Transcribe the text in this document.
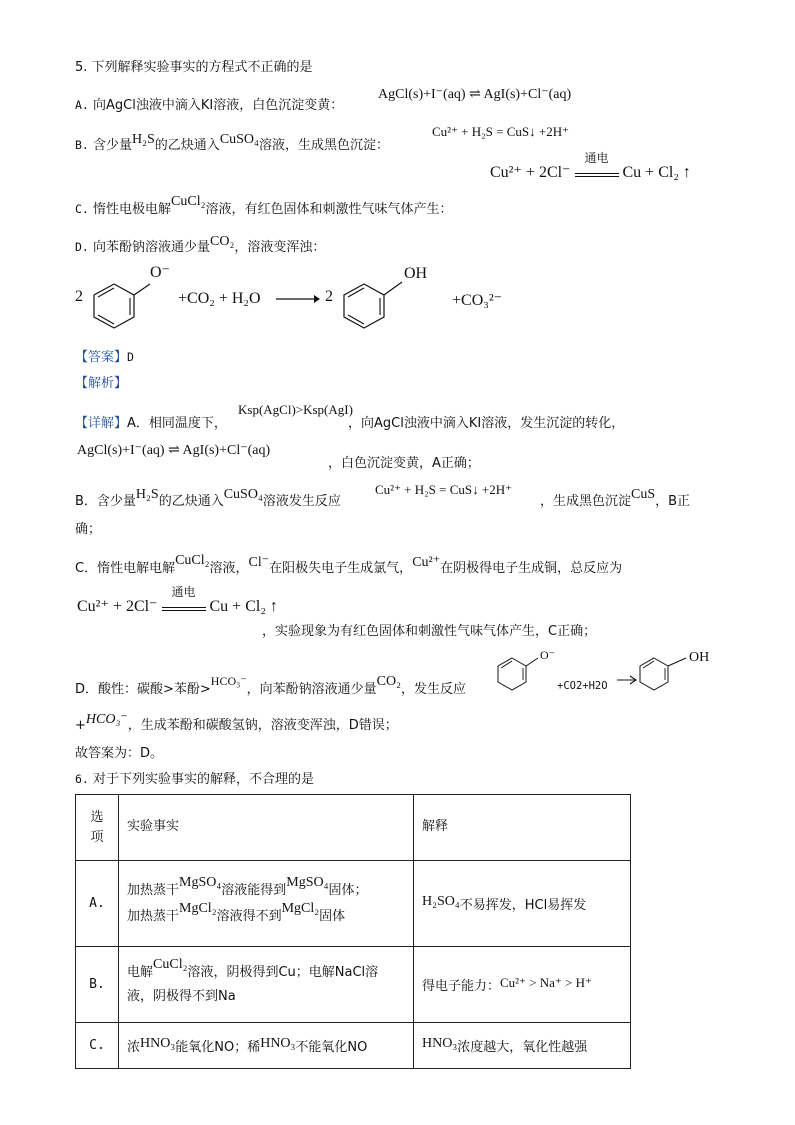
5. 下列解释实验事实的方程式不正确的是
A. 向AgCl浊液中滴入KI溶液，白色沉淀变黄：
AgCl(s)+I⁻(aq) ⇌ AgI(s)+Cl⁻(aq)
B. 含少量H₂S的乙炔通入CuSO₄溶液，生成黑色沉淀：
Cu²⁺ + H₂S = CuS↓ +2H⁺
Cu²⁺ + 2Cl⁻
通电
Cu + Cl₂ ↑
C. 惰性电极电解CuCl₂溶液，有红色固体和刺激性气味气体产生：
D. 向苯酚钠溶液通少量CO₂，溶液变浑浊：
2
O⁻
+CO₂ + H₂O → 2
OH
+CO₃²⁻
【答案】D
【解析】
【详解】A．相同温度下，
Ksp(AgCl)>Ksp(AgI)
，向AgCl浊液中滴入KI溶液，发生沉淀的转化，
AgCl(s)+I⁻(aq) ⇌ AgI(s)+Cl⁻(aq)
，白色沉淀变黄，A正确；
B．含少量H₂S的乙炔通入CuSO₄溶液发生反应
Cu²⁺ + H₂S = CuS↓ +2H⁺
，生成黑色沉淀CuS，B正
确；
C．惰性电解电解CuCl₂溶液，Cl⁻在阳极失电子生成氯气，Cu²⁺在阴极得电子生成铜，总反应为
Cu²⁺ + 2Cl⁻
通电
Cu + Cl₂ ↑
，实验现象为有红色固体和刺激性气味气体产生，C正确；
D．酸性：碳酸>苯酚>HCO₃⁻，向苯酚钠溶液通少量CO₂，发生反应
O⁻
+CO2+H2O →
OH
+HCO₃⁻，生成苯酚和碳酸氢钠，溶液变浑浊，D错误；
故答案为：D。
6. 对于下列实验事实的解释，不合理的是
选
项	实验事实	解释
A.	加热蒸干MgSO₄溶液能得到MgSO₄固体；
加热蒸干MgCl₂溶液得不到MgCl₂固体	H₂SO₄不易挥发，HCl易挥发
B.	电解CuCl₂溶液，阴极得到Cu；电解NaCl溶
液，阴极得不到Na	得电子能力：Cu²⁺ > Na⁺ > H⁺
C.	浓HNO₃能氧化NO；稀HNO₃不能氧化NO	HNO₃浓度越大，氧化性越强
